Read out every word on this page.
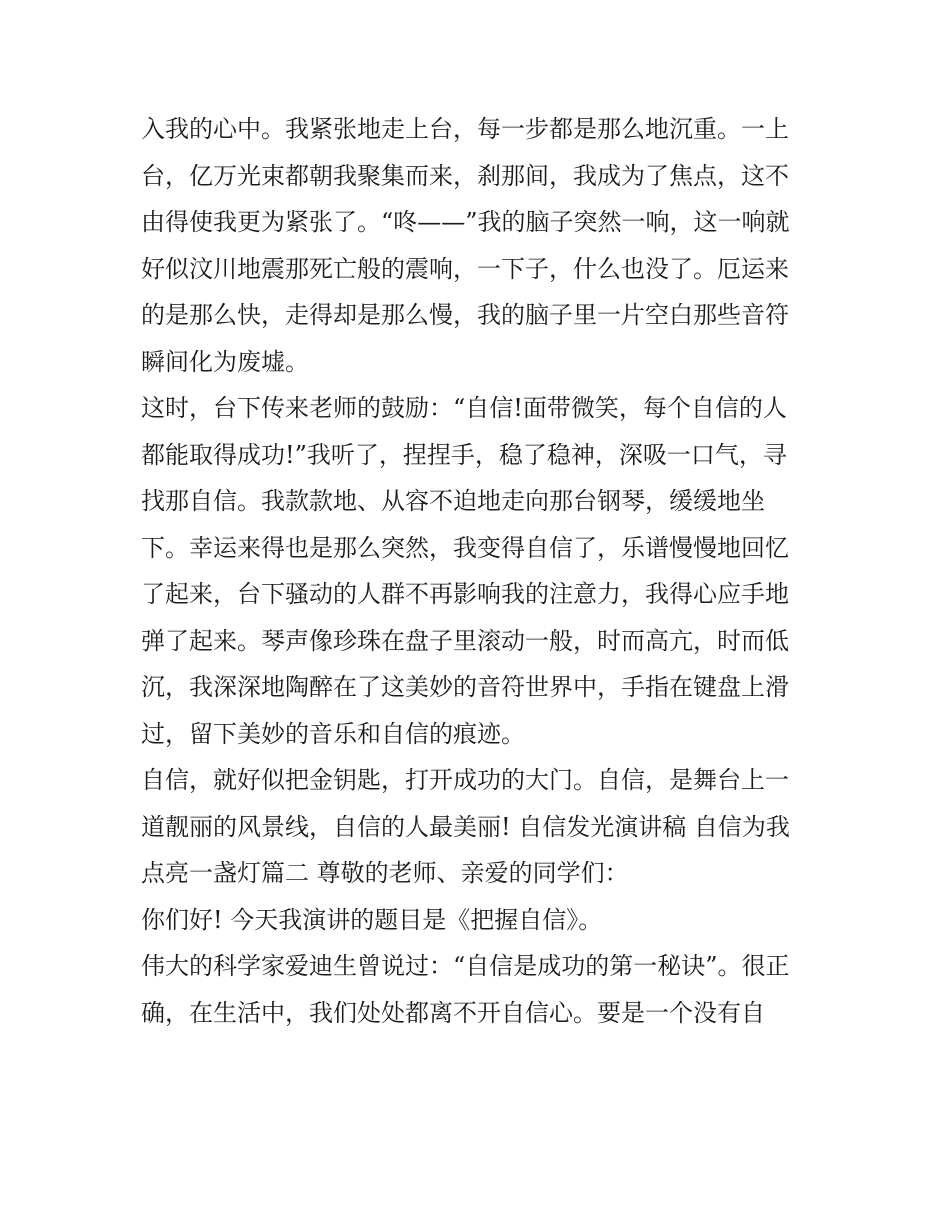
入我的心中。我紧张地走上台，每一步都是那么地沉重。一上
台，亿万光束都朝我聚集而来，刹那间，我成为了焦点，这不
由得使我更为紧张了。“咚——”我的脑子突然一响，这一响就
好似汶川地震那死亡般的震响，一下子，什么也没了。厄运来
的是那么快，走得却是那么慢，我的脑子里一片空白那些音符
瞬间化为废墟。
这时，台下传来老师的鼓励：“自信!面带微笑，每个自信的人
都能取得成功!”我听了，捏捏手，稳了稳神，深吸一口气，寻
找那自信。我款款地、从容不迫地走向那台钢琴，缓缓地坐
下。幸运来得也是那么突然，我变得自信了，乐谱慢慢地回忆
了起来，台下骚动的人群不再影响我的注意力，我得心应手地
弹了起来。琴声像珍珠在盘子里滚动一般，时而高亢，时而低
沉，我深深地陶醉在了这美妙的音符世界中，手指在键盘上滑
过，留下美妙的音乐和自信的痕迹。
自信，就好似把金钥匙，打开成功的大门。自信，是舞台上一
道靓丽的风景线，自信的人最美丽! 自信发光演讲稿 自信为我
点亮一盏灯篇二 尊敬的老师、亲爱的同学们：
你们好! 今天我演讲的题目是《把握自信》。
伟大的科学家爱迪生曾说过：“自信是成功的第一秘诀”。很正
确，在生活中，我们处处都离不开自信心。要是一个没有自
